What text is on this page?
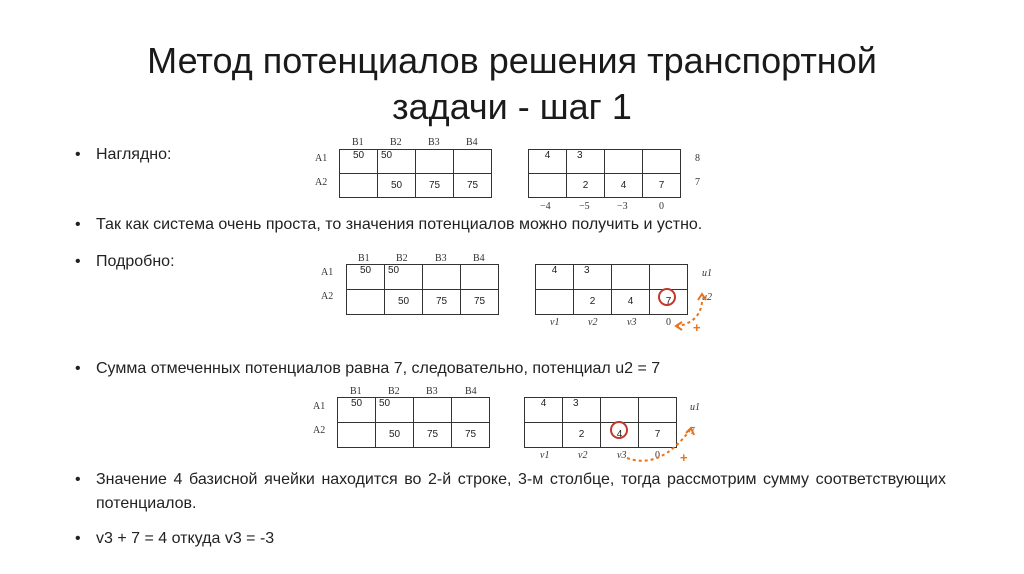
Метод потенциалов решения транспортной
задачи - шаг 1
• Наглядно:
• Так как система очень проста, то значения потенциалов можно получить и устно.
• Подробно:
• Сумма отмеченных потенциалов равна 7, следовательно, потенциал u2 = 7
• Значение 4 базисной ячейки находится во 2-й строке, 3-м столбце, тогда рассмотрим сумму соответствующих потенциалов.
• v3 + 7 = 4 откуда v3 = -3
B1	B2	B3	B4
A1
A2
50	50		
	50	75	75
4	3		
	2	4	7
8
7
−4	−5	−3	0
B1	B2	B3	B4
A1
A2
50	50		
	50	75	75
4	3		
	2	4	7
u1
u2
v1	v2	v3	0 +
B1	B2	B3	B4
A1
A2
50	50		
	50	75	75
4	3		
	2	4	7
u1
7
v1	v2	v3	0 +
